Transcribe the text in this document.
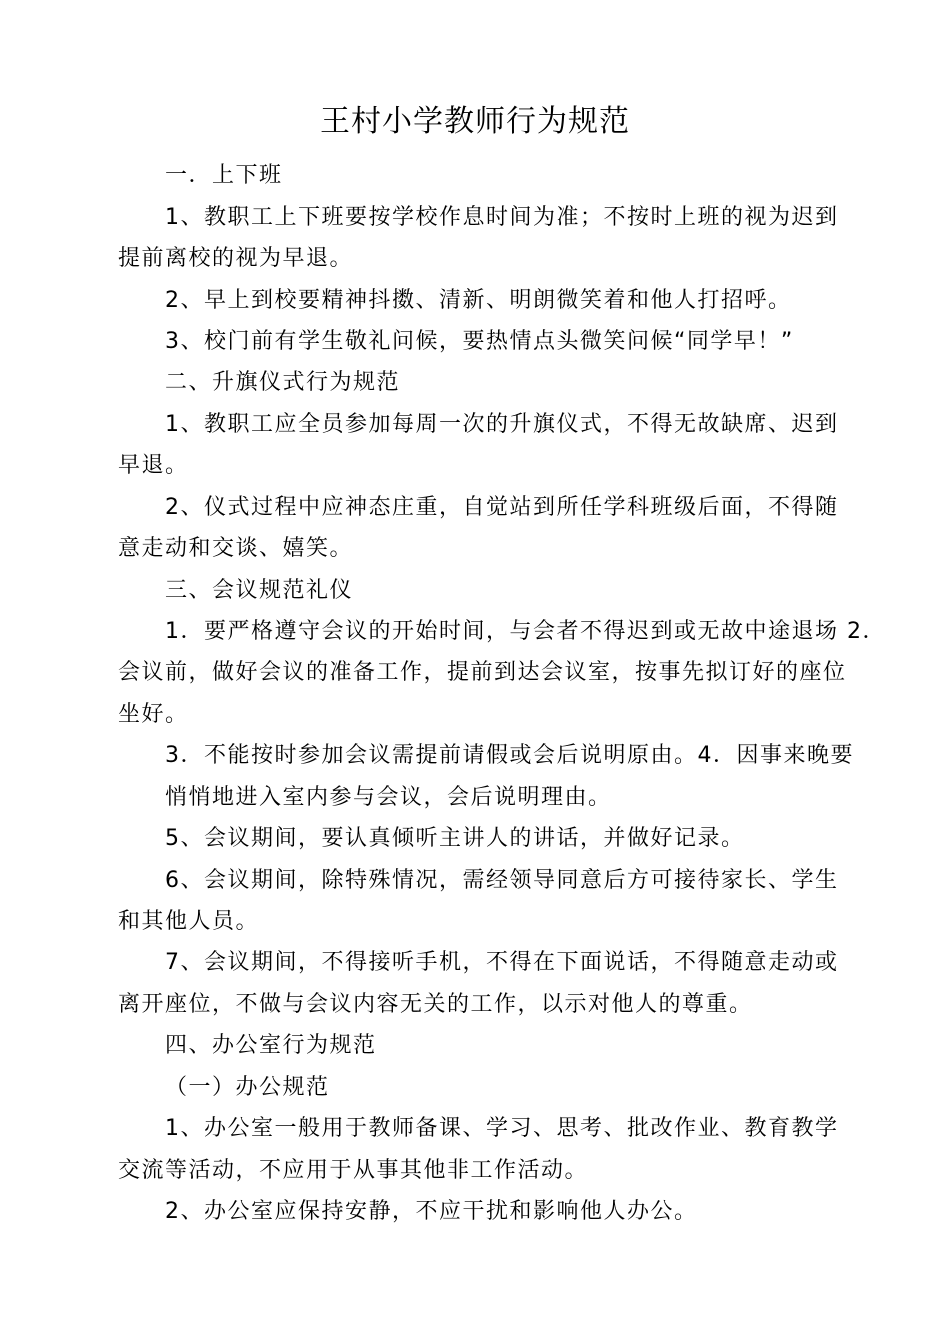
王村小学教师行为规范
一．上下班
1、教职工上下班要按学校作息时间为准；不按时上班的视为迟到
提前离校的视为早退。
2、早上到校要精神抖擞、清新、明朗微笑着和他人打招呼。
3、校门前有学生敬礼问候，要热情点头微笑问候“同学早！”
二、升旗仪式行为规范
1、教职工应全员参加每周一次的升旗仪式，不得无故缺席、迟到
早退。
2、仪式过程中应神态庄重，自觉站到所任学科班级后面，不得随
意走动和交谈、嬉笑。
三、会议规范礼仪
1．要严格遵守会议的开始时间，与会者不得迟到或无故中途退场 2．
会议前，做好会议的准备工作，提前到达会议室，按事先拟订好的座位
坐好。
3．不能按时参加会议需提前请假或会后说明原由。4．因事来晚要
悄悄地进入室内参与会议，会后说明理由。
5、会议期间，要认真倾听主讲人的讲话，并做好记录。
6、会议期间，除特殊情况，需经领导同意后方可接待家长、学生
和其他人员。
7、会议期间，不得接听手机，不得在下面说话，不得随意走动或
离开座位，不做与会议内容无关的工作，以示对他人的尊重。
四、办公室行为规范
（一）办公规范
1、办公室一般用于教师备课、学习、思考、批改作业、教育教学
交流等活动，不应用于从事其他非工作活动。
2、办公室应保持安静，不应干扰和影响他人办公。
